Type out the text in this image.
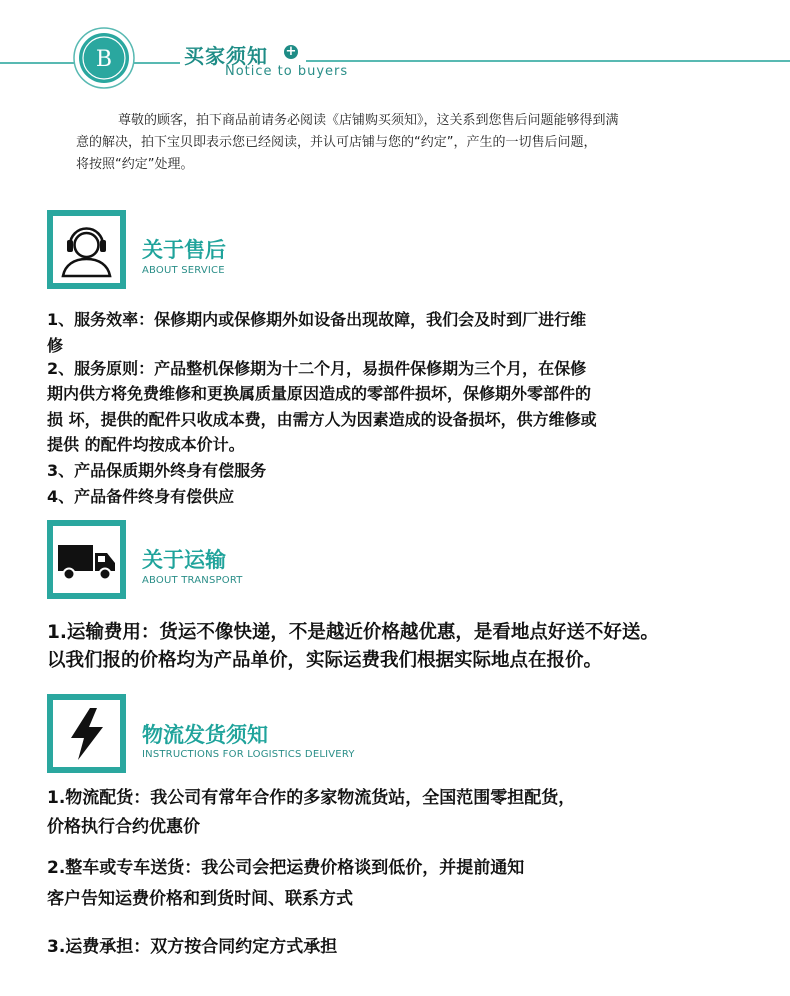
B	买家须知 +
Notice to buyers
尊敬的顾客，拍下商品前请务必阅读《店铺购买须知》，这关系到您售后问题能够得到满
意的解决，拍下宝贝即表示您已经阅读，并认可店铺与您的“约定”，产生的一切售后问题，
将按照“约定”处理。
关于售后
ABOUT SERVICE
1、服务效率：保修期内或保修期外如设备出现故障，我们会及时到厂进行维
修
2、服务原则：产品整机保修期为十二个月，易损件保修期为三个月，在保修
期内供方将免费维修和更换属质量原因造成的零部件损坏，保修期外零部件的
损 坏，提供的配件只收成本费，由需方人为因素造成的设备损坏，供方维修或
提供 的配件均按成本价计。
3、产品保质期外终身有偿服务
4、产品备件终身有偿供应
关于运输
ABOUT TRANSPORT
1.运输费用：货运不像快递，不是越近价格越优惠，是看地点好送不好送。
以我们报的价格均为产品单价，实际运费我们根据实际地点在报价。
物流发货须知
INSTRUCTIONS FOR LOGISTICS DELIVERY
1.物流配货：我公司有常年合作的多家物流货站，全国范围零担配货，
价格执行合约优惠价
2.整车或专车送货：我公司会把运费价格谈到低价，并提前通知
客户告知运费价格和到货时间、联系方式
3.运费承担：双方按合同约定方式承担
